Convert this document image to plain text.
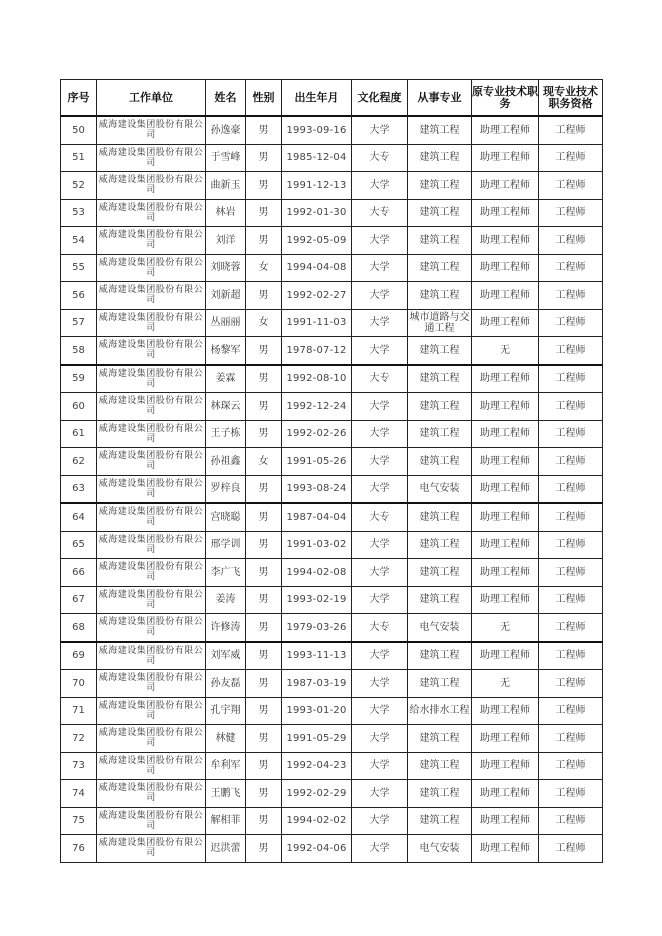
序号	工作单位	姓名	性别	出生年月	文化程度	从事专业	原专业技术职务	现专业技术职务资格
50	威海建设集团股份有限公司	孙逸豪	男	1993-09-16	大学	建筑工程	助理工程师	工程师
51	威海建设集团股份有限公司	于雪峰	男	1985-12-04	大专	建筑工程	助理工程师	工程师
52	威海建设集团股份有限公司	曲新玉	男	1991-12-13	大学	建筑工程	助理工程师	工程师
53	威海建设集团股份有限公司	林岩	男	1992-01-30	大专	建筑工程	助理工程师	工程师
54	威海建设集团股份有限公司	刘洋	男	1992-05-09	大学	建筑工程	助理工程师	工程师
55	威海建设集团股份有限公司	刘晓蓉	女	1994-04-08	大学	建筑工程	助理工程师	工程师
56	威海建设集团股份有限公司	刘新超	男	1992-02-27	大学	建筑工程	助理工程师	工程师
57	威海建设集团股份有限公司	丛丽丽	女	1991-11-03	大学	城市道路与交通工程	助理工程师	工程师
58	威海建设集团股份有限公司	杨黎军	男	1978-07-12	大学	建筑工程	无	工程师
59	威海建设集团股份有限公司	姜霖	男	1992-08-10	大专	建筑工程	助理工程师	工程师
60	威海建设集团股份有限公司	林琛云	男	1992-12-24	大学	建筑工程	助理工程师	工程师
61	威海建设集团股份有限公司	王子栋	男	1992-02-26	大学	建筑工程	助理工程师	工程师
62	威海建设集团股份有限公司	孙祖鑫	女	1991-05-26	大学	建筑工程	助理工程师	工程师
63	威海建设集团股份有限公司	罗梓良	男	1993-08-24	大学	电气安装	助理工程师	工程师
64	威海建设集团股份有限公司	宫晓聪	男	1987-04-04	大专	建筑工程	助理工程师	工程师
65	威海建设集团股份有限公司	邢学训	男	1991-03-02	大学	建筑工程	助理工程师	工程师
66	威海建设集团股份有限公司	李广飞	男	1994-02-08	大学	建筑工程	助理工程师	工程师
67	威海建设集团股份有限公司	姜涛	男	1993-02-19	大学	建筑工程	助理工程师	工程师
68	威海建设集团股份有限公司	许修涛	男	1979-03-26	大专	电气安装	无	工程师
69	威海建设集团股份有限公司	刘军威	男	1993-11-13	大学	建筑工程	助理工程师	工程师
70	威海建设集团股份有限公司	孙友磊	男	1987-03-19	大学	建筑工程	无	工程师
71	威海建设集团股份有限公司	孔宇翔	男	1993-01-20	大学	给水排水工程	助理工程师	工程师
72	威海建设集团股份有限公司	林健	男	1991-05-29	大学	建筑工程	助理工程师	工程师
73	威海建设集团股份有限公司	牟利军	男	1992-04-23	大学	建筑工程	助理工程师	工程师
74	威海建设集团股份有限公司	王鹏飞	男	1992-02-29	大学	建筑工程	助理工程师	工程师
75	威海建设集团股份有限公司	解相菲	男	1994-02-02	大学	建筑工程	助理工程师	工程师
76	威海建设集团股份有限公司	迟洪蕾	男	1992-04-06	大学	电气安装	助理工程师	工程师
